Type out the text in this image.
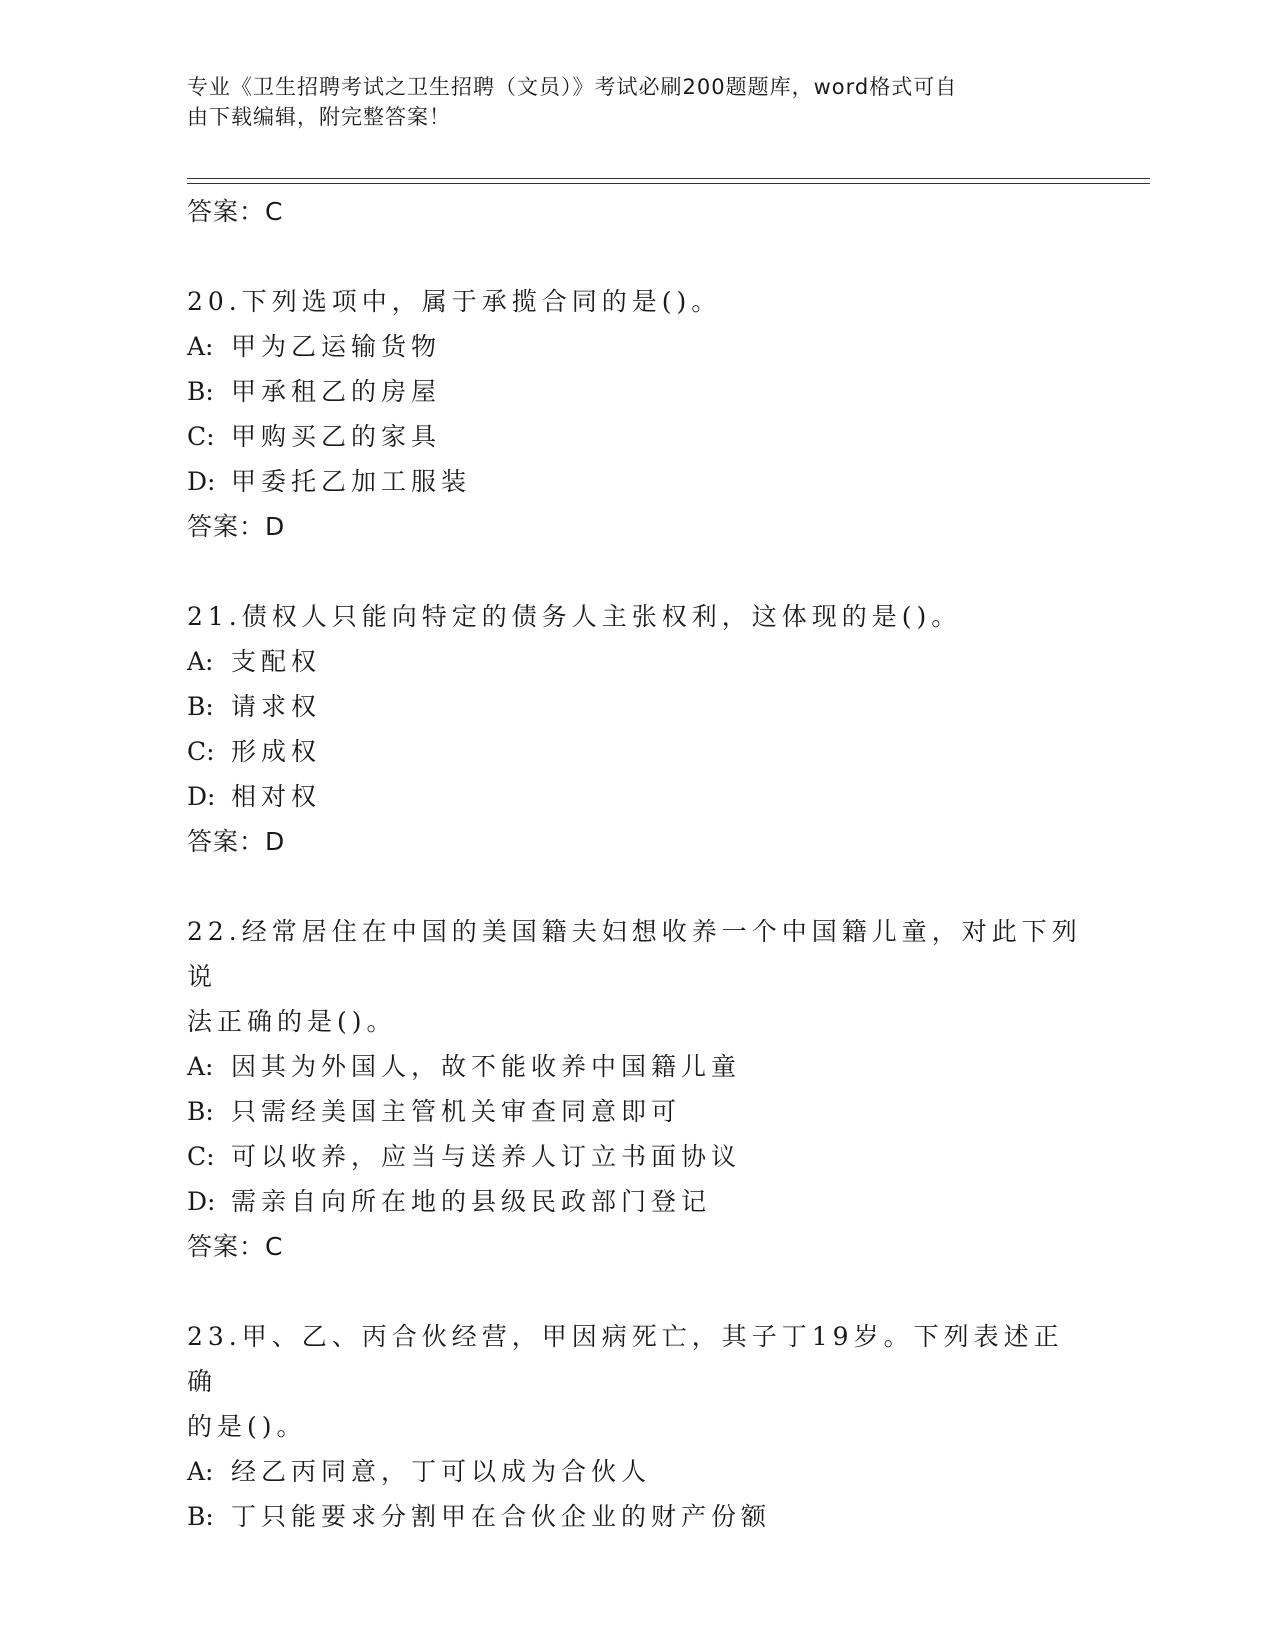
专业《卫生招聘考试之卫生招聘（文员）》考试必刷200题题库，word格式可自
由下载编辑，附完整答案！
答案：C
20.下列选项中，属于承揽合同的是()。
A: 甲为乙运输货物
B: 甲承租乙的房屋
C: 甲购买乙的家具
D: 甲委托乙加工服装
答案：D
21.债权人只能向特定的债务人主张权利，这体现的是()。
A: 支配权
B: 请求权
C: 形成权
D: 相对权
答案：D
22.经常居住在中国的美国籍夫妇想收养一个中国籍儿童，对此下列说
法正确的是()。
A: 因其为外国人，故不能收养中国籍儿童
B: 只需经美国主管机关审查同意即可
C: 可以收养，应当与送养人订立书面协议
D: 需亲自向所在地的县级民政部门登记
答案：C
23.甲、乙、丙合伙经营，甲因病死亡，其子丁19岁。下列表述正确
的是()。
A: 经乙丙同意，丁可以成为合伙人
B: 丁只能要求分割甲在合伙企业的财产份额
